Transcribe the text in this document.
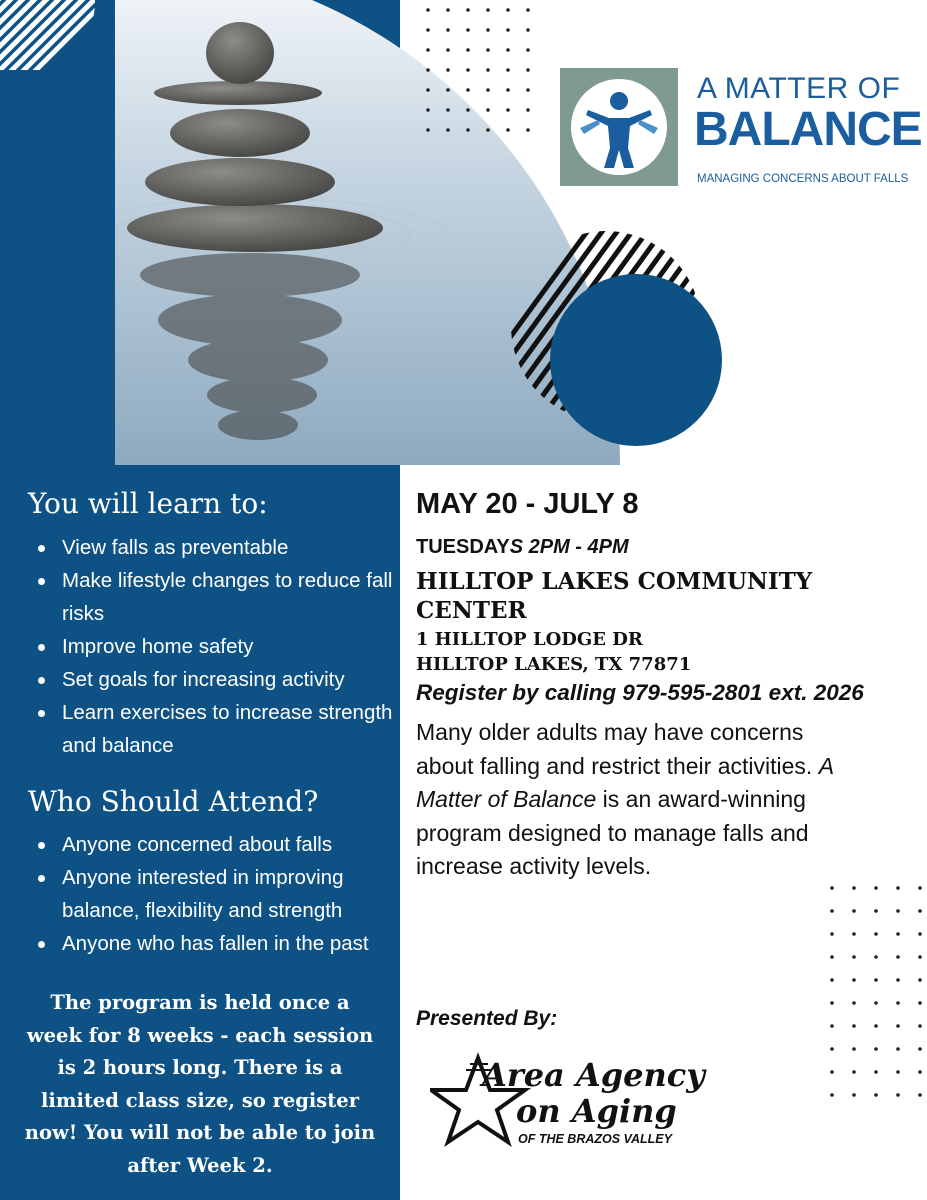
A MATTER OF
BALANCE
MANAGING CONCERNS ABOUT FALLS
You will learn to:
View falls as preventable
Make lifestyle changes to reduce fall risks
Improve home safety
Set goals for increasing activity
Learn exercises to increase strength and balance
Who Should Attend?
Anyone concerned about falls
Anyone interested in improving balance, flexibility and strength
Anyone who has fallen in the past
The program is held once a week for 8 weeks - each session is 2 hours long. There is a limited class size, so register now! You will not be able to join after Week 2.
MAY 20 - JULY 8
TUESDAYS 2PM - 4PM
HILLTOP LAKES COMMUNITY CENTER
1 HILLTOP LODGE DR
HILLTOP LAKES, TX 77871
Register by calling 979-595-2801 ext. 2026
Many older adults may have concerns about falling and restrict their activities. A Matter of Balance is an award-winning program designed to manage falls and increase activity levels.
Presented By:
Area Agency
on Aging
OF THE BRAZOS VALLEY
